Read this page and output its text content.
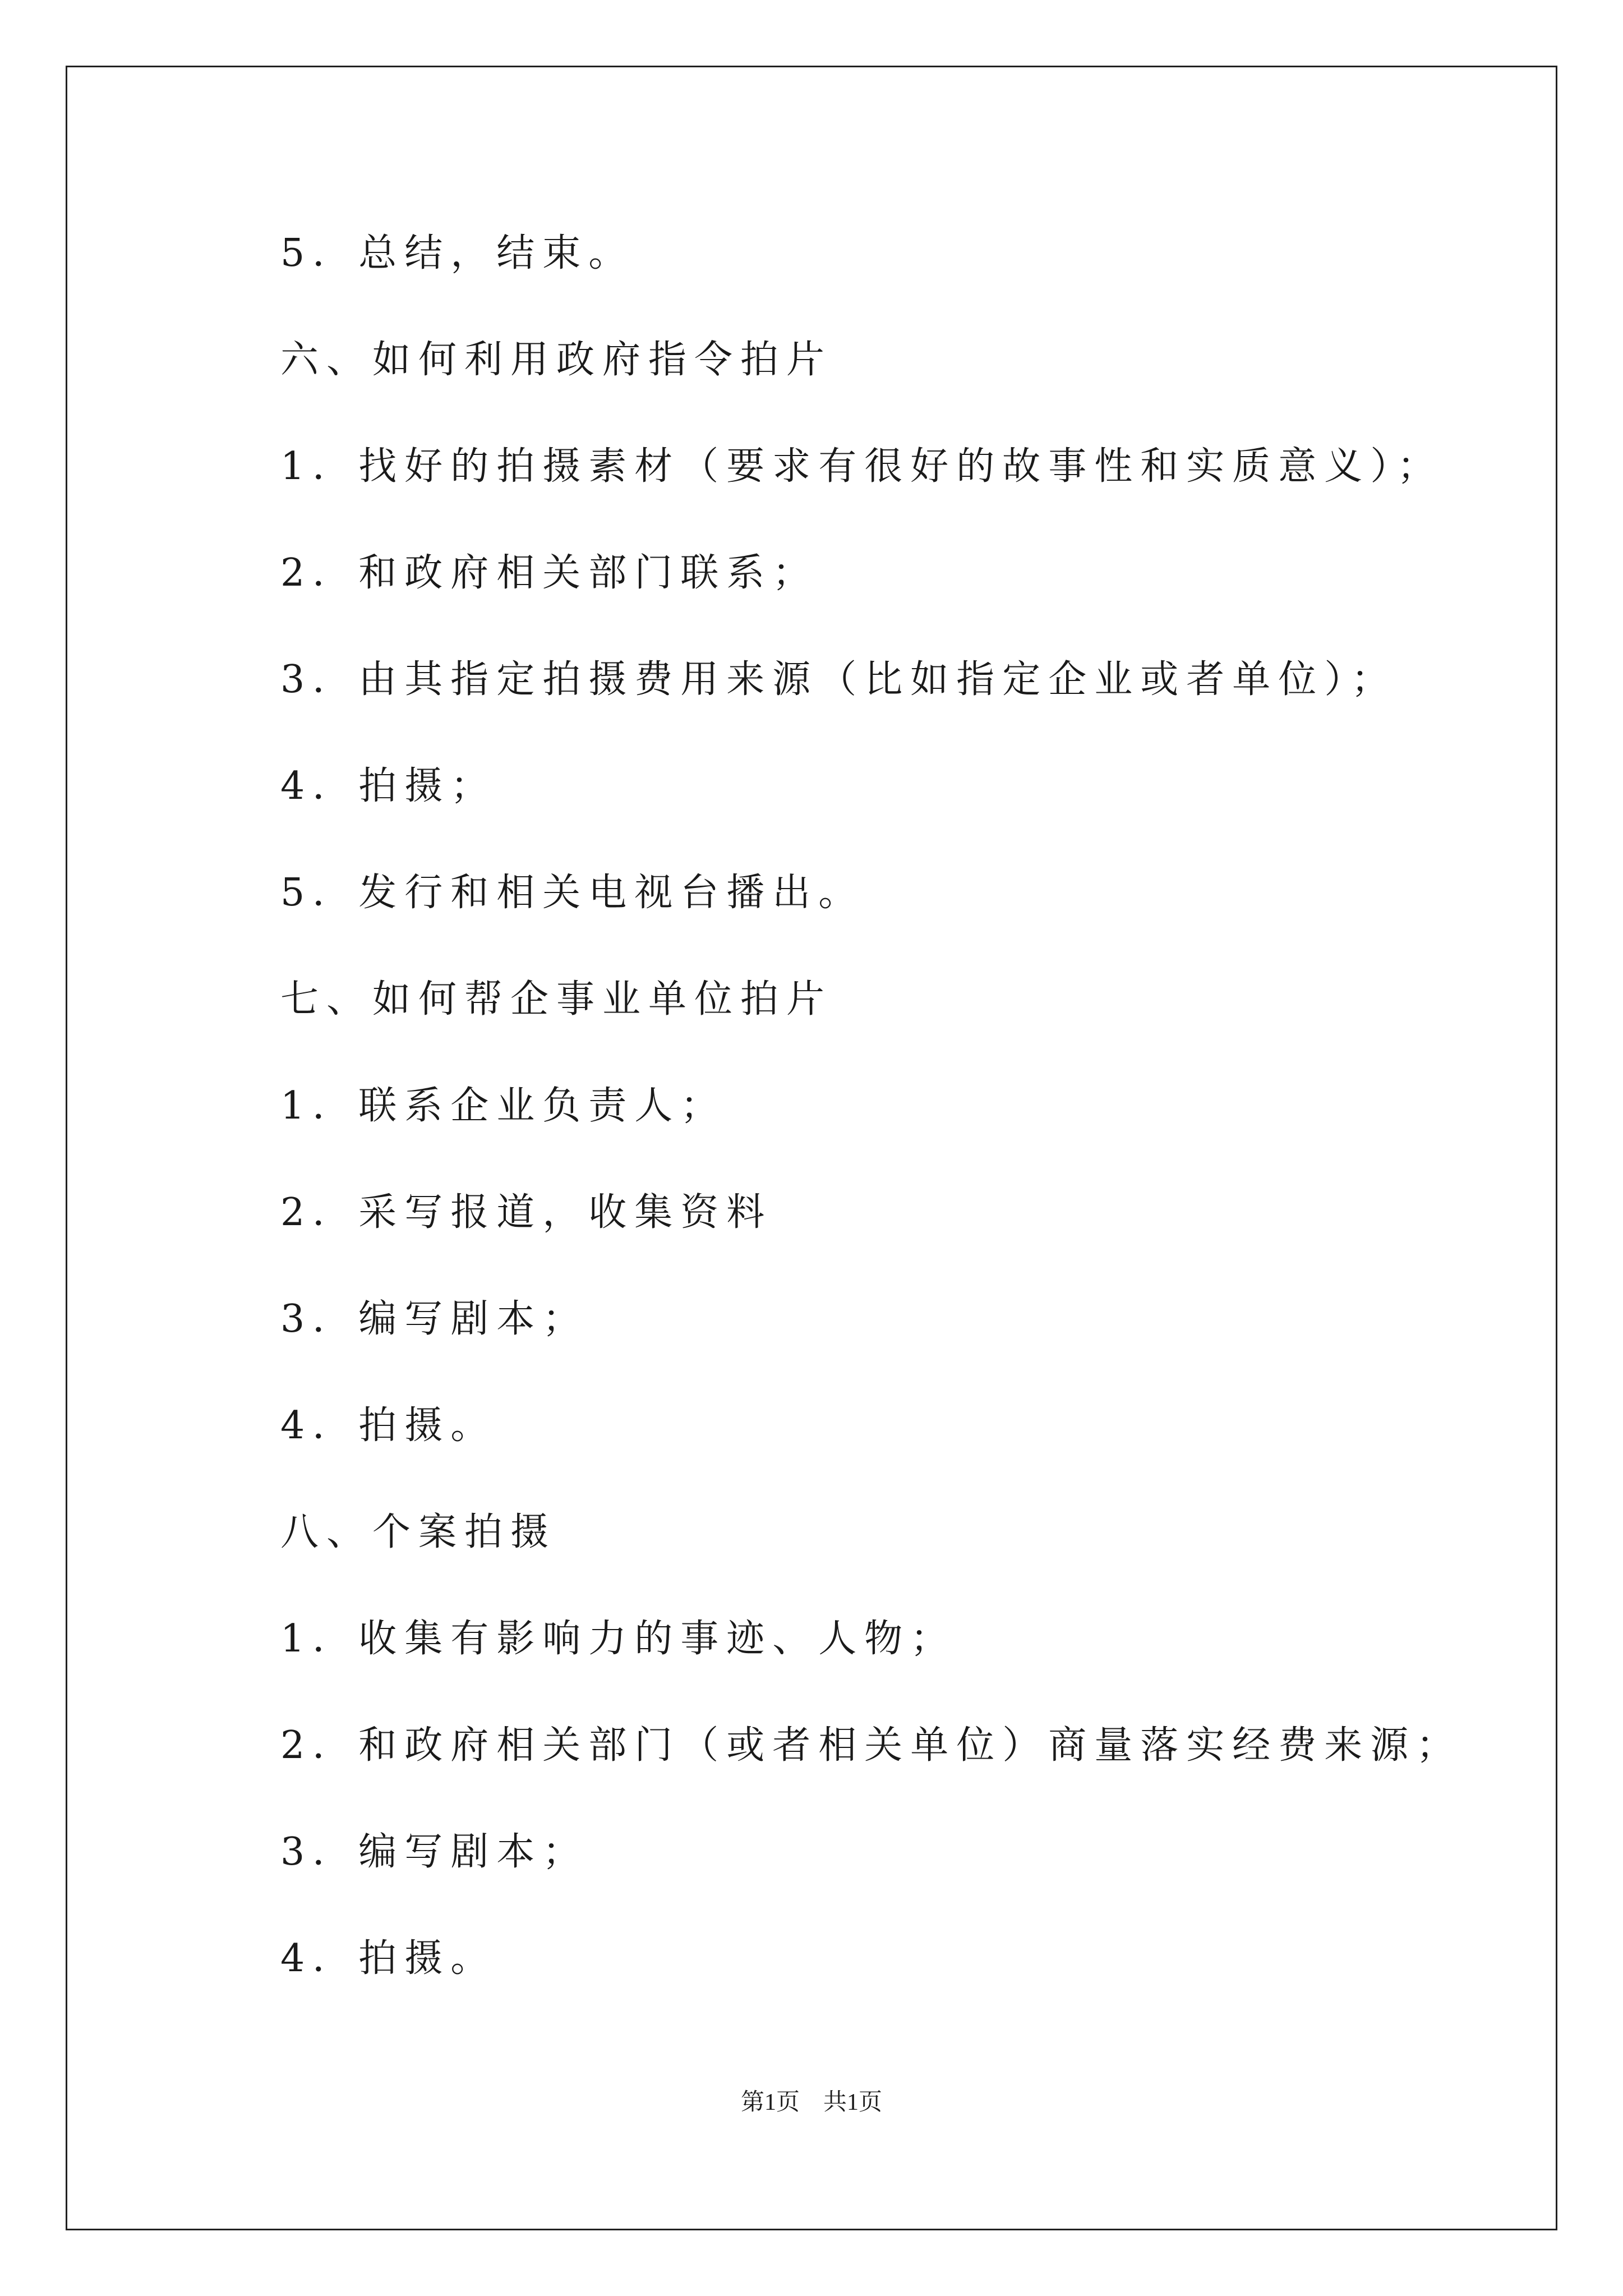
5．总结，结束。
六、如何利用政府指令拍片
1．找好的拍摄素材（要求有很好的故事性和实质意义）；
2．和政府相关部门联系；
3．由其指定拍摄费用来源（比如指定企业或者单位）；
4．拍摄；
5．发行和相关电视台播出。
七、如何帮企事业单位拍片
1．联系企业负责人；
2．采写报道，收集资料
3．编写剧本；
4．拍摄。
八、个案拍摄
1．收集有影响力的事迹、人物；
2．和政府相关部门（或者相关单位）商量落实经费来源；
3．编写剧本；
4．拍摄。
第1页　共1页
